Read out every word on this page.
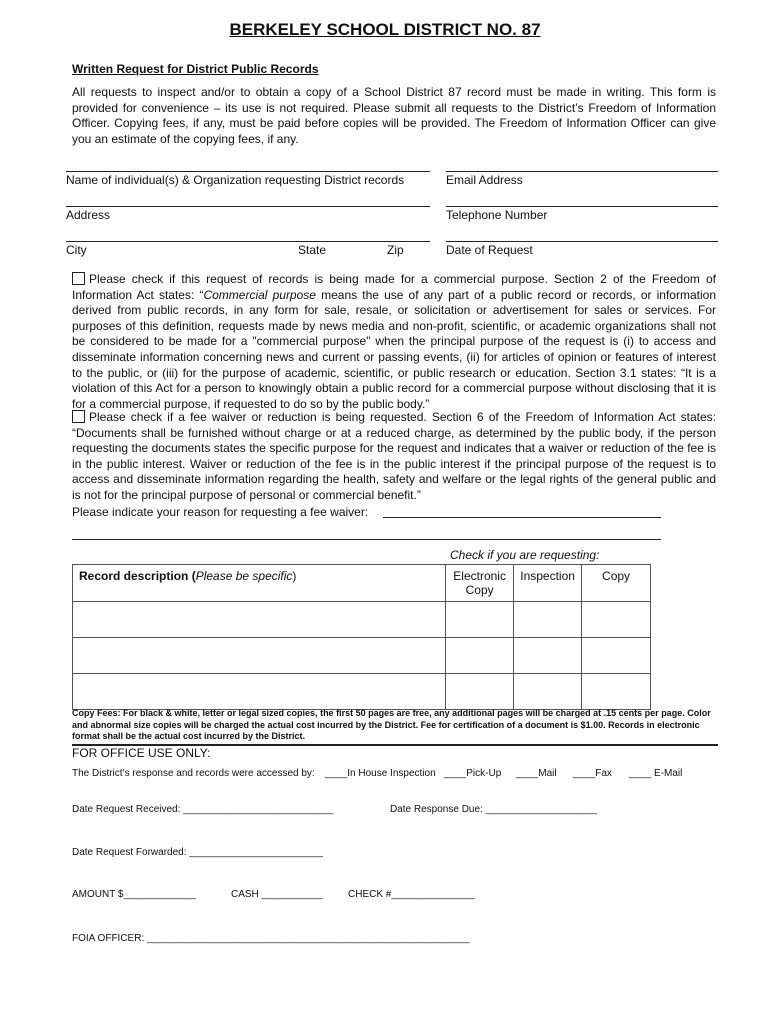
BERKELEY SCHOOL DISTRICT NO. 87
Written Request for District Public Records
All requests to inspect and/or to obtain a copy of a School District 87 record must be made in writing. This form is provided for convenience – its use is not required. Please submit all requests to the District’s Freedom of Information Officer. Copying fees, if any, must be paid before copies will be provided. The Freedom of Information Officer can give you an estimate of the copying fees, if any.
Name of individual(s) & Organization requesting District records	Email Address
Address	Telephone Number
City	State	Zip	Date of Request
Please check if this request of records is being made for a commercial purpose. Section 2 of the Freedom of Information Act states: “Commercial purpose means the use of any part of a public record or records, or information derived from public records, in any form for sale, resale, or solicitation or advertisement for sales or services. For purposes of this definition, requests made by news media and non-profit, scientific, or academic organizations shall not be considered to be made for a "commercial purpose" when the principal purpose of the request is (i) to access and disseminate information concerning news and current or passing events, (ii) for articles of opinion or features of interest to the public, or (iii) for the purpose of academic, scientific, or public research or education. Section 3.1 states: “It is a violation of this Act for a person to knowingly obtain a public record for a commercial purpose without disclosing that it is for a commercial purpose, if requested to do so by the public body.”
Please check if a fee waiver or reduction is being requested. Section 6 of the Freedom of Information Act states: “Documents shall be furnished without charge or at a reduced charge, as determined by the public body, if the person requesting the documents states the specific purpose for the request and indicates that a waiver or reduction of the fee is in the public interest. Waiver or reduction of the fee is in the public interest if the principal purpose of the request is to access and disseminate information regarding the health, safety and welfare or the legal rights of the general public and is not for the principal purpose of personal or commercial benefit.”
Please indicate your reason for requesting a fee waiver:
Check if you are requesting:
Record description (Please be specific)	Electronic Copy	Inspection	Copy

Copy Fees: For black & white, letter or legal sized copies, the first 50 pages are free, any additional pages will be charged at .15 cents per page. Color and abnormal size copies will be charged the actual cost incurred by the District. Fee for certification of a document is $1.00. Records in electronic format shall be the actual cost incurred by the District.
FOR OFFICE USE ONLY:
The District’s response and records were accessed by: ____In House Inspection ____Pick-Up ____Mail ____Fax ____ E-Mail
Date Request Received: ___________________________	Date Response Due: ____________________
Date Request Forwarded: ________________________
AMOUNT $_____________	CASH ___________	CHECK #_______________
FOIA OFFICER: __________________________________________________________
